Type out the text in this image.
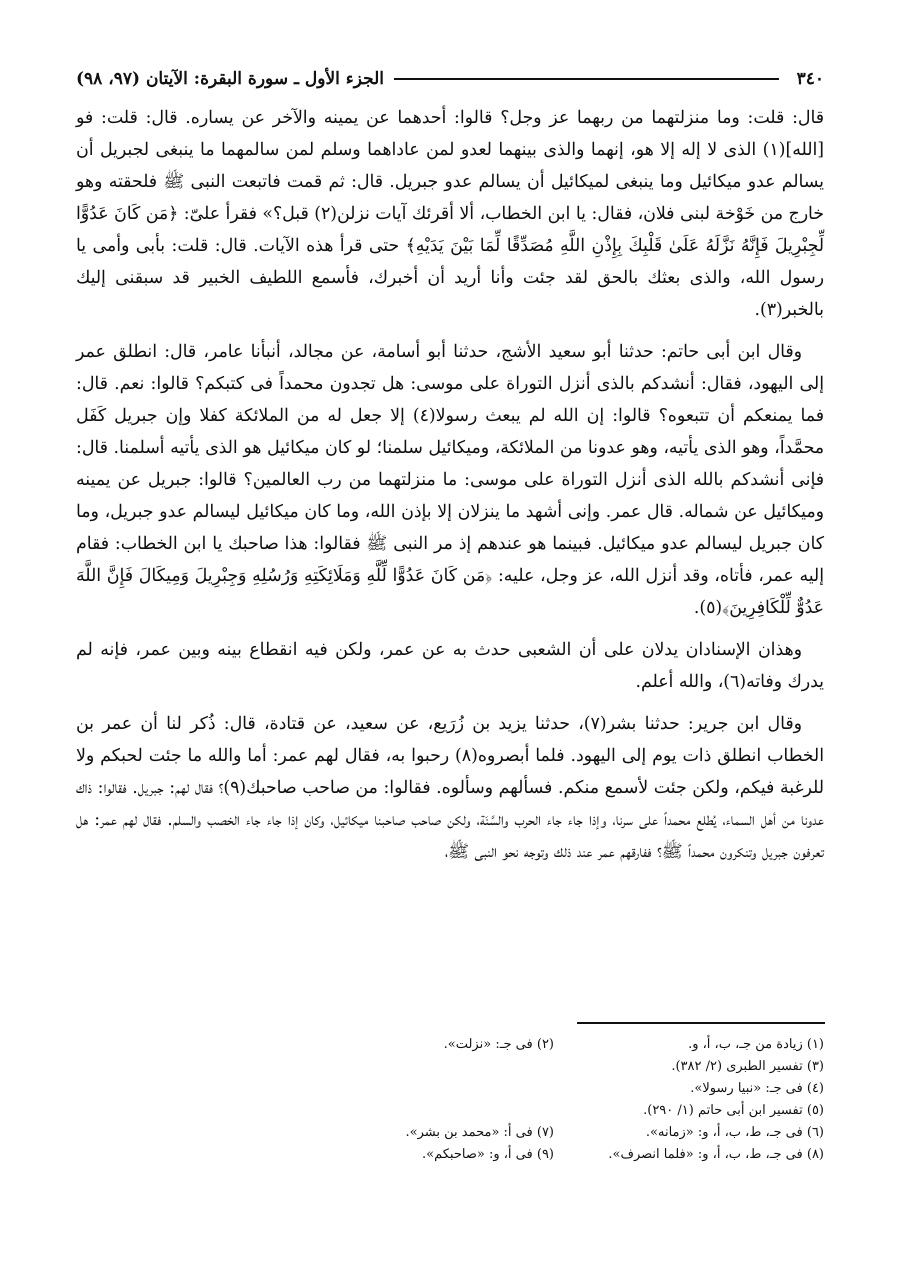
٣٤٠
الجزء الأول ـ سورة البقرة: الآيتان (٩٧، ٩٨)

قال: قلت: وما منزلتهما من ربهما عز وجل؟ قالوا: أحدهما عن يمينه والآخر عن يساره. قال: قلت: فو [الله](١) الذى لا إله إلا هو، إنهما والذى بينهما لعدو لمن عاداهما وسلم لمن سالمهما ما ينبغى لجبريل أن يسالم عدو ميكائيل وما ينبغى لميكائيل أن يسالم عدو جبريل. قال: ثم قمت فاتبعت النبى ﷺ فلحقته وهو خارج من خَوْخة لبنى فلان، فقال: يا ابن الخطاب، ألا أقرئك آيات نزلن(٢) قبل؟» فقرأ علىّ: ﴿مَن كَانَ عَدُوًّا لِّجِبْرِيلَ فَإِنَّهُ نَزَّلَهُ عَلَىٰ قَلْبِكَ بِإِذْنِ اللَّهِ مُصَدِّقًا لِّمَا بَيْنَ يَدَيْهِ﴾ حتى قرأ هذه الآيات. قال: قلت: بأبى وأمى يا رسول الله، والذى بعثك بالحق لقد جئت وأنا أريد أن أخبرك، فأسمع اللطيف الخبير قد سبقنى إليك بالخبر(٣).

وقال ابن أبى حاتم: حدثنا أبو سعيد الأشج، حدثنا أبو أسامة، عن مجالد، أنبأنا عامر، قال: انطلق عمر إلى اليهود، فقال: أنشدكم بالذى أنزل التوراة على موسى: هل تجدون محمداً فى كتبكم؟ قالوا: نعم. قال: فما يمنعكم أن تتبعوه؟ قالوا: إن الله لم يبعث رسولا(٤) إلا جعل له من الملائكة كفلا وإن جبريل كَفَل محمَّداً، وهو الذى يأتيه، وهو عدونا من الملائكة، وميكائيل سلمنا؛ لو كان ميكائيل هو الذى يأتيه أسلمنا. قال: فإنى أنشدكم بالله الذى أنزل التوراة على موسى: ما منزلتهما من رب العالمين؟ قالوا: جبريل عن يمينه وميكائيل عن شماله. قال عمر. وإنى أشهد ما ينزلان إلا بإذن الله، وما كان ميكائيل ليسالم عدو جبريل، وما كان جبريل ليسالم عدو ميكائيل. فبينما هو عندهم إذ مر النبى ﷺ فقالوا: هذا صاحبك يا ابن الخطاب: فقام إليه عمر، فأتاه، وقد أنزل الله، عز وجل، عليه: ﴿مَن كَانَ عَدُوًّا لِّلَّهِ وَمَلَائِكَتِهِ وَرُسُلِهِ وَجِبْرِيلَ وَمِيكَالَ فَإِنَّ اللَّهَ عَدُوٌّ لِّلْكَافِرِينَ﴾(٥).

وهذان الإسنادان يدلان على أن الشعبى حدث به عن عمر، ولكن فيه انقطاع بينه وبين عمر، فإنه لم يدرك وفاته(٦)، والله أعلم.

وقال ابن جرير: حدثنا بشر(٧)، حدثنا يزيد بن زُرَيع، عن سعيد، عن قتادة، قال: ذُكر لنا أن عمر بن الخطاب انطلق ذات يوم إلى اليهود. فلما أبصروه(٨) رحبوا به، فقال لهم عمر: أما والله ما جئت لحبكم ولا للرغبة فيكم، ولكن جئت لأسمع منكم. فسألهم وسألوه. فقالوا: من صاحب صاحبك(٩)؟ فقال لهم: جبريل. فقالوا: ذاك عدونا من أهل السماء، يُطلع محمداً على سرنا، وإذا جاء جاء الحرب والسَّنَة، ولكن صاحب صاحبنا ميكائيل، وكان إذا جاء جاء الخصب والسلم. فقال لهم عمر: هل تعرفون جبريل وتنكرون محمداً ﷺ؟ ففارقهم عمر عند ذلك وتوجه نحو النبى ﷺ،

(١) زيادة من جـ، ب، أ، و.
(٢) فى جـ: «نزلت».
(٣) تفسير الطبرى (٢/ ٣٨٢).
(٤) فى جـ: «نبيا رسولا».
(٥) تفسير ابن أبى حاتم (١/ ٢٩٠).
(٦) فى جـ، ط، ب، أ، و: «زمانه».
(٧) فى أ: «محمد بن بشر».
(٨) فى جـ، ط، ب، أ، و: «فلما انصرف».
(٩) فى أ، و: «صاحبكم».
